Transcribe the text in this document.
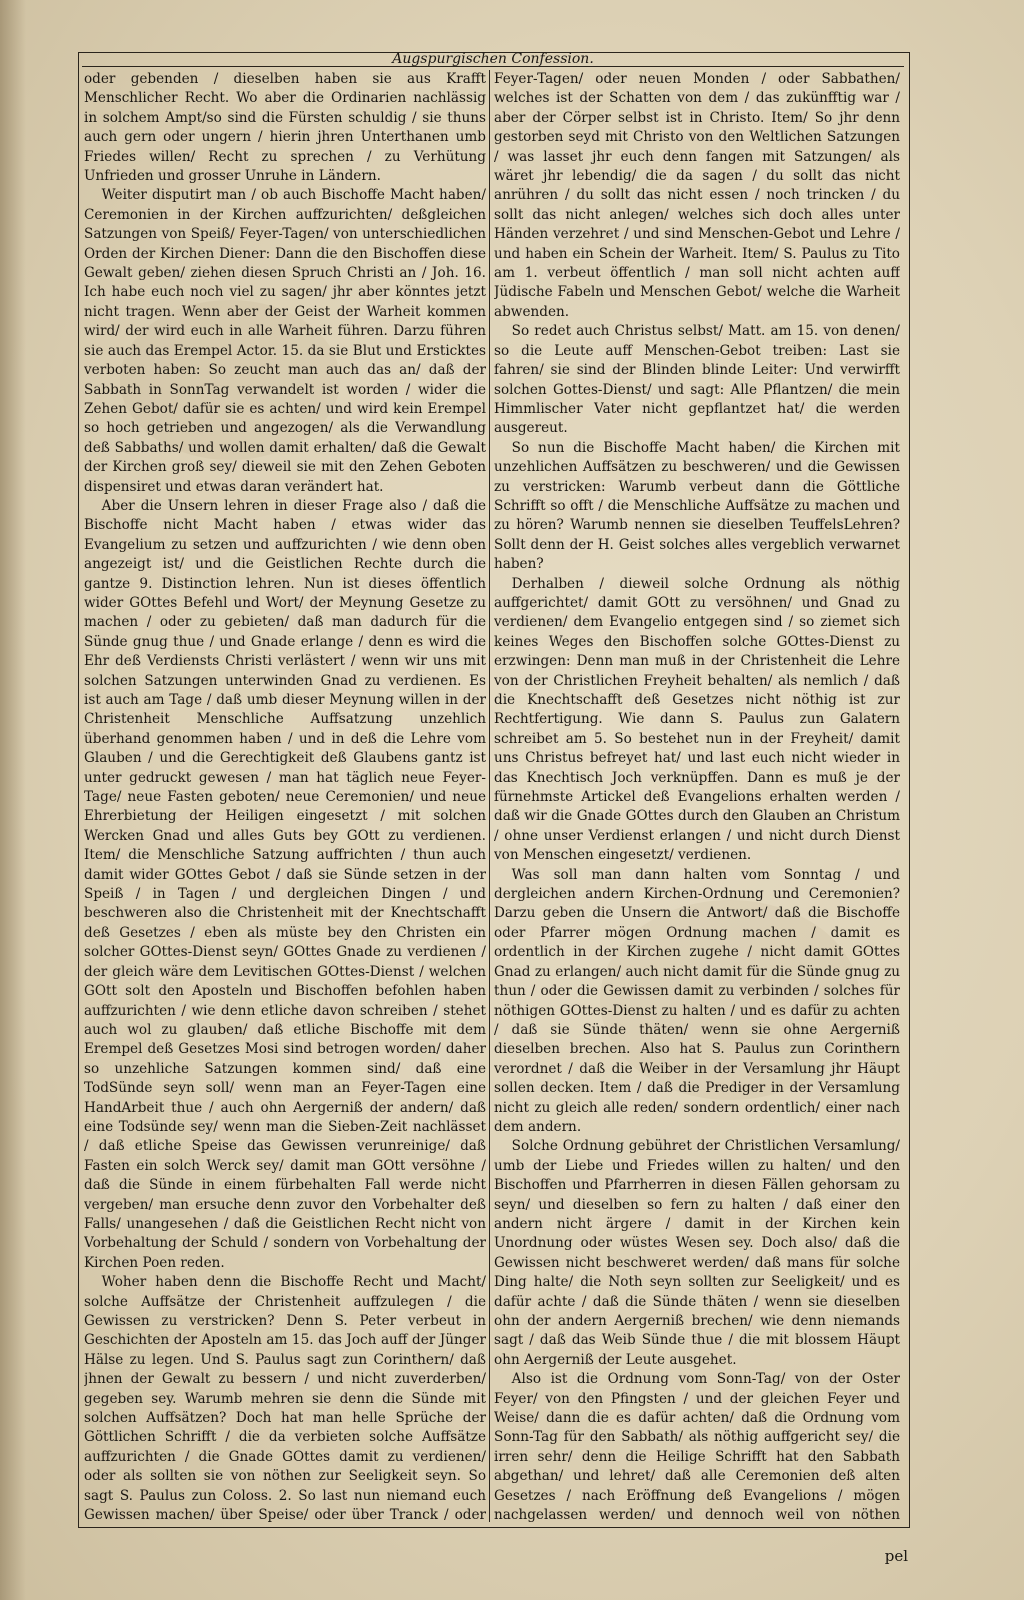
Augspurgischen Confession.

oder gebenden / dieselben haben sie aus Krafft Menschlicher Recht. Wo aber die Ordinarien nachlässig in solchem Ampt/so sind die Fürsten schuldig / sie thuns auch gern oder ungern / hierin jhren Unterthanen umb Friedes willen/ Recht zu sprechen / zu Verhütung Unfrieden und grosser Unruhe in Ländern.

Weiter disputirt man / ob auch Bischoffe Macht haben/ Ceremonien in der Kirchen auffzurichten/ deßgleichen Satzungen von Speiß/ Feyer-Tagen/ von unterschiedlichen Orden der Kirchen Diener: Dann die den Bischoffen diese Gewalt geben/ ziehen diesen Spruch Christi an / Joh. 16. Ich habe euch noch viel zu sagen/ jhr aber könntes jetzt nicht tragen. Wenn aber der Geist der Warheit kommen wird/ der wird euch in alle Warheit führen. Darzu führen sie auch das Erempel Actor. 15. da sie Blut und Ersticktes verboten haben: So zeucht man auch das an/ daß der Sabbath in SonnTag verwandelt ist worden / wider die Zehen Gebot/ dafür sie es achten/ und wird kein Erempel so hoch getrieben und angezogen/ als die Verwandlung deß Sabbaths/ und wollen damit erhalten/ daß die Gewalt der Kirchen groß sey/ dieweil sie mit den Zehen Geboten dispensiret und etwas daran verändert hat.

Aber die Unsern lehren in dieser Frage also / daß die Bischoffe nicht Macht haben / etwas wider das Evangelium zu setzen und auffzurichten / wie denn oben angezeigt ist/ und die Geistlichen Rechte durch die gantze 9. Distinction lehren. Nun ist dieses öffentlich wider GOttes Befehl und Wort/ der Meynung Gesetze zu machen / oder zu gebieten/ daß man dadurch für die Sünde gnug thue / und Gnade erlange / denn es wird die Ehr deß Verdiensts Christi verlästert / wenn wir uns mit solchen Satzungen unterwinden Gnad zu verdienen. Es ist auch am Tage / daß umb dieser Meynung willen in der Christenheit Menschliche Auffsatzung unzehlich überhand genommen haben / und in deß die Lehre vom Glauben / und die Gerechtigkeit deß Glaubens gantz ist unter gedruckt gewesen / man hat täglich neue Feyer-Tage/ neue Fasten geboten/ neue Ceremonien/ und neue Ehrerbietung der Heiligen eingesetzt / mit solchen Wercken Gnad und alles Guts bey GOtt zu verdienen. Item/ die Menschliche Satzung auffrichten / thun auch damit wider GOttes Gebot / daß sie Sünde setzen in der Speiß / in Tagen / und dergleichen Dingen / und beschweren also die Christenheit mit der Knechtschafft deß Gesetzes / eben als müste bey den Christen ein solcher GOttes-Dienst seyn/ GOttes Gnade zu verdienen / der gleich wäre dem Levitischen GOttes-Dienst / welchen GOtt solt den Aposteln und Bischoffen befohlen haben auffzurichten / wie denn etliche davon schreiben / stehet auch wol zu glauben/ daß etliche Bischoffe mit dem Erempel deß Gesetzes Mosi sind betrogen worden/ daher so unzehliche Satzungen kommen sind/ daß eine TodSünde seyn soll/ wenn man an Feyer-Tagen eine HandArbeit thue / auch ohn Aergerniß der andern/ daß eine Todsünde sey/ wenn man die Sieben-Zeit nachlässet / daß etliche Speise das Gewissen verunreinige/ daß Fasten ein solch Werck sey/ damit man GOtt versöhne / daß die Sünde in einem fürbehalten Fall werde nicht vergeben/ man ersuche denn zuvor den Vorbehalter deß Falls/ unangesehen / daß die Geistlichen Recht nicht von Vorbehaltung der Schuld / sondern von Vorbehaltung der Kirchen Poen reden.

Woher haben denn die Bischoffe Recht und Macht/ solche Auffsätze der Christenheit auffzulegen / die Gewissen zu verstricken? Denn S. Peter verbeut in Geschichten der Aposteln am 15. das Joch auff der Jünger Hälse zu legen. Und S. Paulus sagt zun Corinthern/ daß jhnen der Gewalt zu bessern / und nicht zuverderben/ gegeben sey. Warumb mehren sie denn die Sünde mit solchen Auffsätzen? Doch hat man helle Sprüche der Göttlichen Schrifft / die da verbieten solche Auffsätze auffzurichten / die Gnade GOttes damit zu verdienen/ oder als sollten sie von nöthen zur Seeligkeit seyn. So sagt S. Paulus zun Coloss. 2. So last nun niemand euch Gewissen machen/ über Speise/ oder über Tranck / oder

Feyer-Tagen/ oder neuen Monden / oder Sabbathen/ welches ist der Schatten von dem / das zukünfftig war / aber der Cörper selbst ist in Christo. Item/ So jhr denn gestorben seyd mit Christo von den Weltlichen Satzungen / was lasset jhr euch denn fangen mit Satzungen/ als wäret jhr lebendig/ die da sagen / du sollt das nicht anrühren / du sollt das nicht essen / noch trincken / du sollt das nicht anlegen/ welches sich doch alles unter Händen verzehret / und sind Menschen-Gebot und Lehre / und haben ein Schein der Warheit. Item/ S. Paulus zu Tito am 1. verbeut öffentlich / man soll nicht achten auff Jüdische Fabeln und Menschen Gebot/ welche die Warheit abwenden.

So redet auch Christus selbst/ Matt. am 15. von denen/ so die Leute auff Menschen-Gebot treiben: Last sie fahren/ sie sind der Blinden blinde Leiter: Und verwirfft solchen Gottes-Dienst/ und sagt: Alle Pflantzen/ die mein Himmlischer Vater nicht gepflantzet hat/ die werden ausgereut.

So nun die Bischoffe Macht haben/ die Kirchen mit unzehlichen Auffsätzen zu beschweren/ und die Gewissen zu verstricken: Warumb verbeut dann die Göttliche Schrifft so offt / die Menschliche Auffsätze zu machen und zu hören? Warumb nennen sie dieselben TeuffelsLehren? Sollt denn der H. Geist solches alles vergeblich verwarnet haben?

Derhalben / dieweil solche Ordnung als nöthig auffgerichtet/ damit GOtt zu versöhnen/ und Gnad zu verdienen/ dem Evangelio entgegen sind / so ziemet sich keines Weges den Bischoffen solche GOttes-Dienst zu erzwingen: Denn man muß in der Christenheit die Lehre von der Christlichen Freyheit behalten/ als nemlich / daß die Knechtschafft deß Gesetzes nicht nöthig ist zur Rechtfertigung. Wie dann S. Paulus zun Galatern schreibet am 5. So bestehet nun in der Freyheit/ damit uns Christus befreyet hat/ und last euch nicht wieder in das Knechtisch Joch verknüpffen. Dann es muß je der fürnehmste Artickel deß Evangelions erhalten werden / daß wir die Gnade GOttes durch den Glauben an Christum / ohne unser Verdienst erlangen / und nicht durch Dienst von Menschen eingesetzt/ verdienen.

Was soll man dann halten vom Sonntag / und dergleichen andern Kirchen-Ordnung und Ceremonien? Darzu geben die Unsern die Antwort/ daß die Bischoffe oder Pfarrer mögen Ordnung machen / damit es ordentlich in der Kirchen zugehe / nicht damit GOttes Gnad zu erlangen/ auch nicht damit für die Sünde gnug zu thun / oder die Gewissen damit zu verbinden / solches für nöthigen GOttes-Dienst zu halten / und es dafür zu achten / daß sie Sünde thäten/ wenn sie ohne Aergerniß dieselben brechen. Also hat S. Paulus zun Corinthern verordnet / daß die Weiber in der Versamlung jhr Häupt sollen decken. Item / daß die Prediger in der Versamlung nicht zu gleich alle reden/ sondern ordentlich/ einer nach dem andern.

Solche Ordnung gebühret der Christlichen Versamlung/ umb der Liebe und Friedes willen zu halten/ und den Bischoffen und Pfarrherren in diesen Fällen gehorsam zu seyn/ und dieselben so fern zu halten / daß einer den andern nicht ärgere / damit in der Kirchen kein Unordnung oder wüstes Wesen sey. Doch also/ daß die Gewissen nicht beschweret werden/ daß mans für solche Ding halte/ die Noth seyn sollten zur Seeligkeit/ und es dafür achte / daß die Sünde thäten / wenn sie dieselben ohn der andern Aergerniß brechen/ wie denn niemands sagt / daß das Weib Sünde thue / die mit blossem Häupt ohn Aergerniß der Leute ausgehet.

Also ist die Ordnung vom Sonn-Tag/ von der Oster Feyer/ von den Pfingsten / und der gleichen Feyer und Weise/ dann die es dafür achten/ daß die Ordnung vom Sonn-Tag für den Sabbath/ als nöthig auffgericht sey/ die irren sehr/ denn die Heilige Schrifft hat den Sabbath abgethan/ und lehret/ daß alle Ceremonien deß alten Gesetzes / nach Eröffnung deß Evangelions / mögen nachgelassen werden/ und dennoch weil von nöthen

pel
